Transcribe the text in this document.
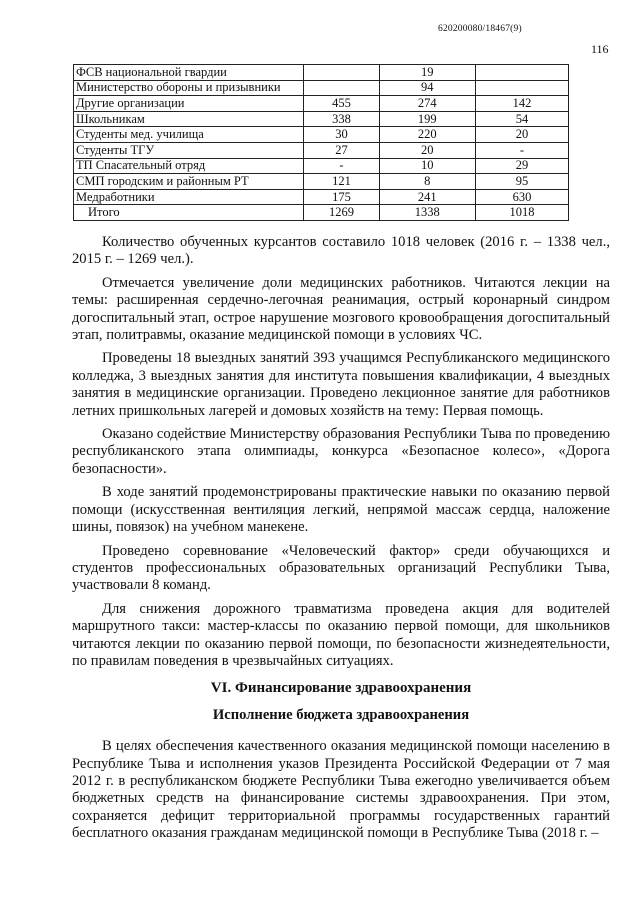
620200080/18467(9)
116
ФСВ национальной гвардии		19	
Министерство обороны и призывники		94	
Другие организации	455	274	142
Школьникам	338	199	54
Студенты мед. училища	30	220	20
Студенты ТГУ	27	20	-
ТП Спасательный отряд	-	10	29
СМП городским и районным РТ	121	8	95
Медработники	175	241	630
Итого	1269	1338	1018

Количество обученных курсантов составило 1018 человек (2016 г. – 1338 чел., 2015 г. – 1269 чел.).

Отмечается увеличение доли медицинских работников. Читаются лекции на темы: расширенная сердечно-легочная реанимация, острый коронарный синдром догоспитальный этап, острое нарушение мозгового кровообращения догоспитальный этап, политравмы, оказание медицинской помощи в условиях ЧС.

Проведены 18 выездных занятий 393 учащимся Республиканского медицинского колледжа, 3 выездных занятия для института повышения квалификации, 4 выездных занятия в медицинские организации. Проведено лекционное занятие для работников летних пришкольных лагерей и домовых хозяйств на тему: Первая помощь.

Оказано содействие Министерству образования Республики Тыва по проведению республиканского этапа олимпиады, конкурса «Безопасное колесо», «Дорога безопасности».

В ходе занятий продемонстрированы практические навыки по оказанию первой помощи (искусственная вентиляция легкий, непрямой массаж сердца, наложение шины, повязок) на учебном манекене.

Проведено соревнование «Человеческий фактор» среди обучающихся и студентов профессиональных образовательных организаций Республики Тыва, участвовали 8 команд.

Для снижения дорожного травматизма проведена акция для водителей маршрутного такси: мастер-классы по оказанию первой помощи, для школьников читаются лекции по оказанию первой помощи, по безопасности жизнедеятельности, по правилам поведения в чрезвычайных ситуациях.

VI. Финансирование здравоохранения
Исполнение бюджета здравоохранения

В целях обеспечения качественного оказания медицинской помощи населению в Республике Тыва и исполнения указов Президента Российской Федерации от 7 мая 2012 г. в республиканском бюджете Республики Тыва ежегодно увеличивается объем бюджетных средств на финансирование системы здравоохранения. При этом, сохраняется дефицит территориальной программы государственных гарантий бесплатного оказания гражданам медицинской помощи в Республике Тыва (2018 г. –
